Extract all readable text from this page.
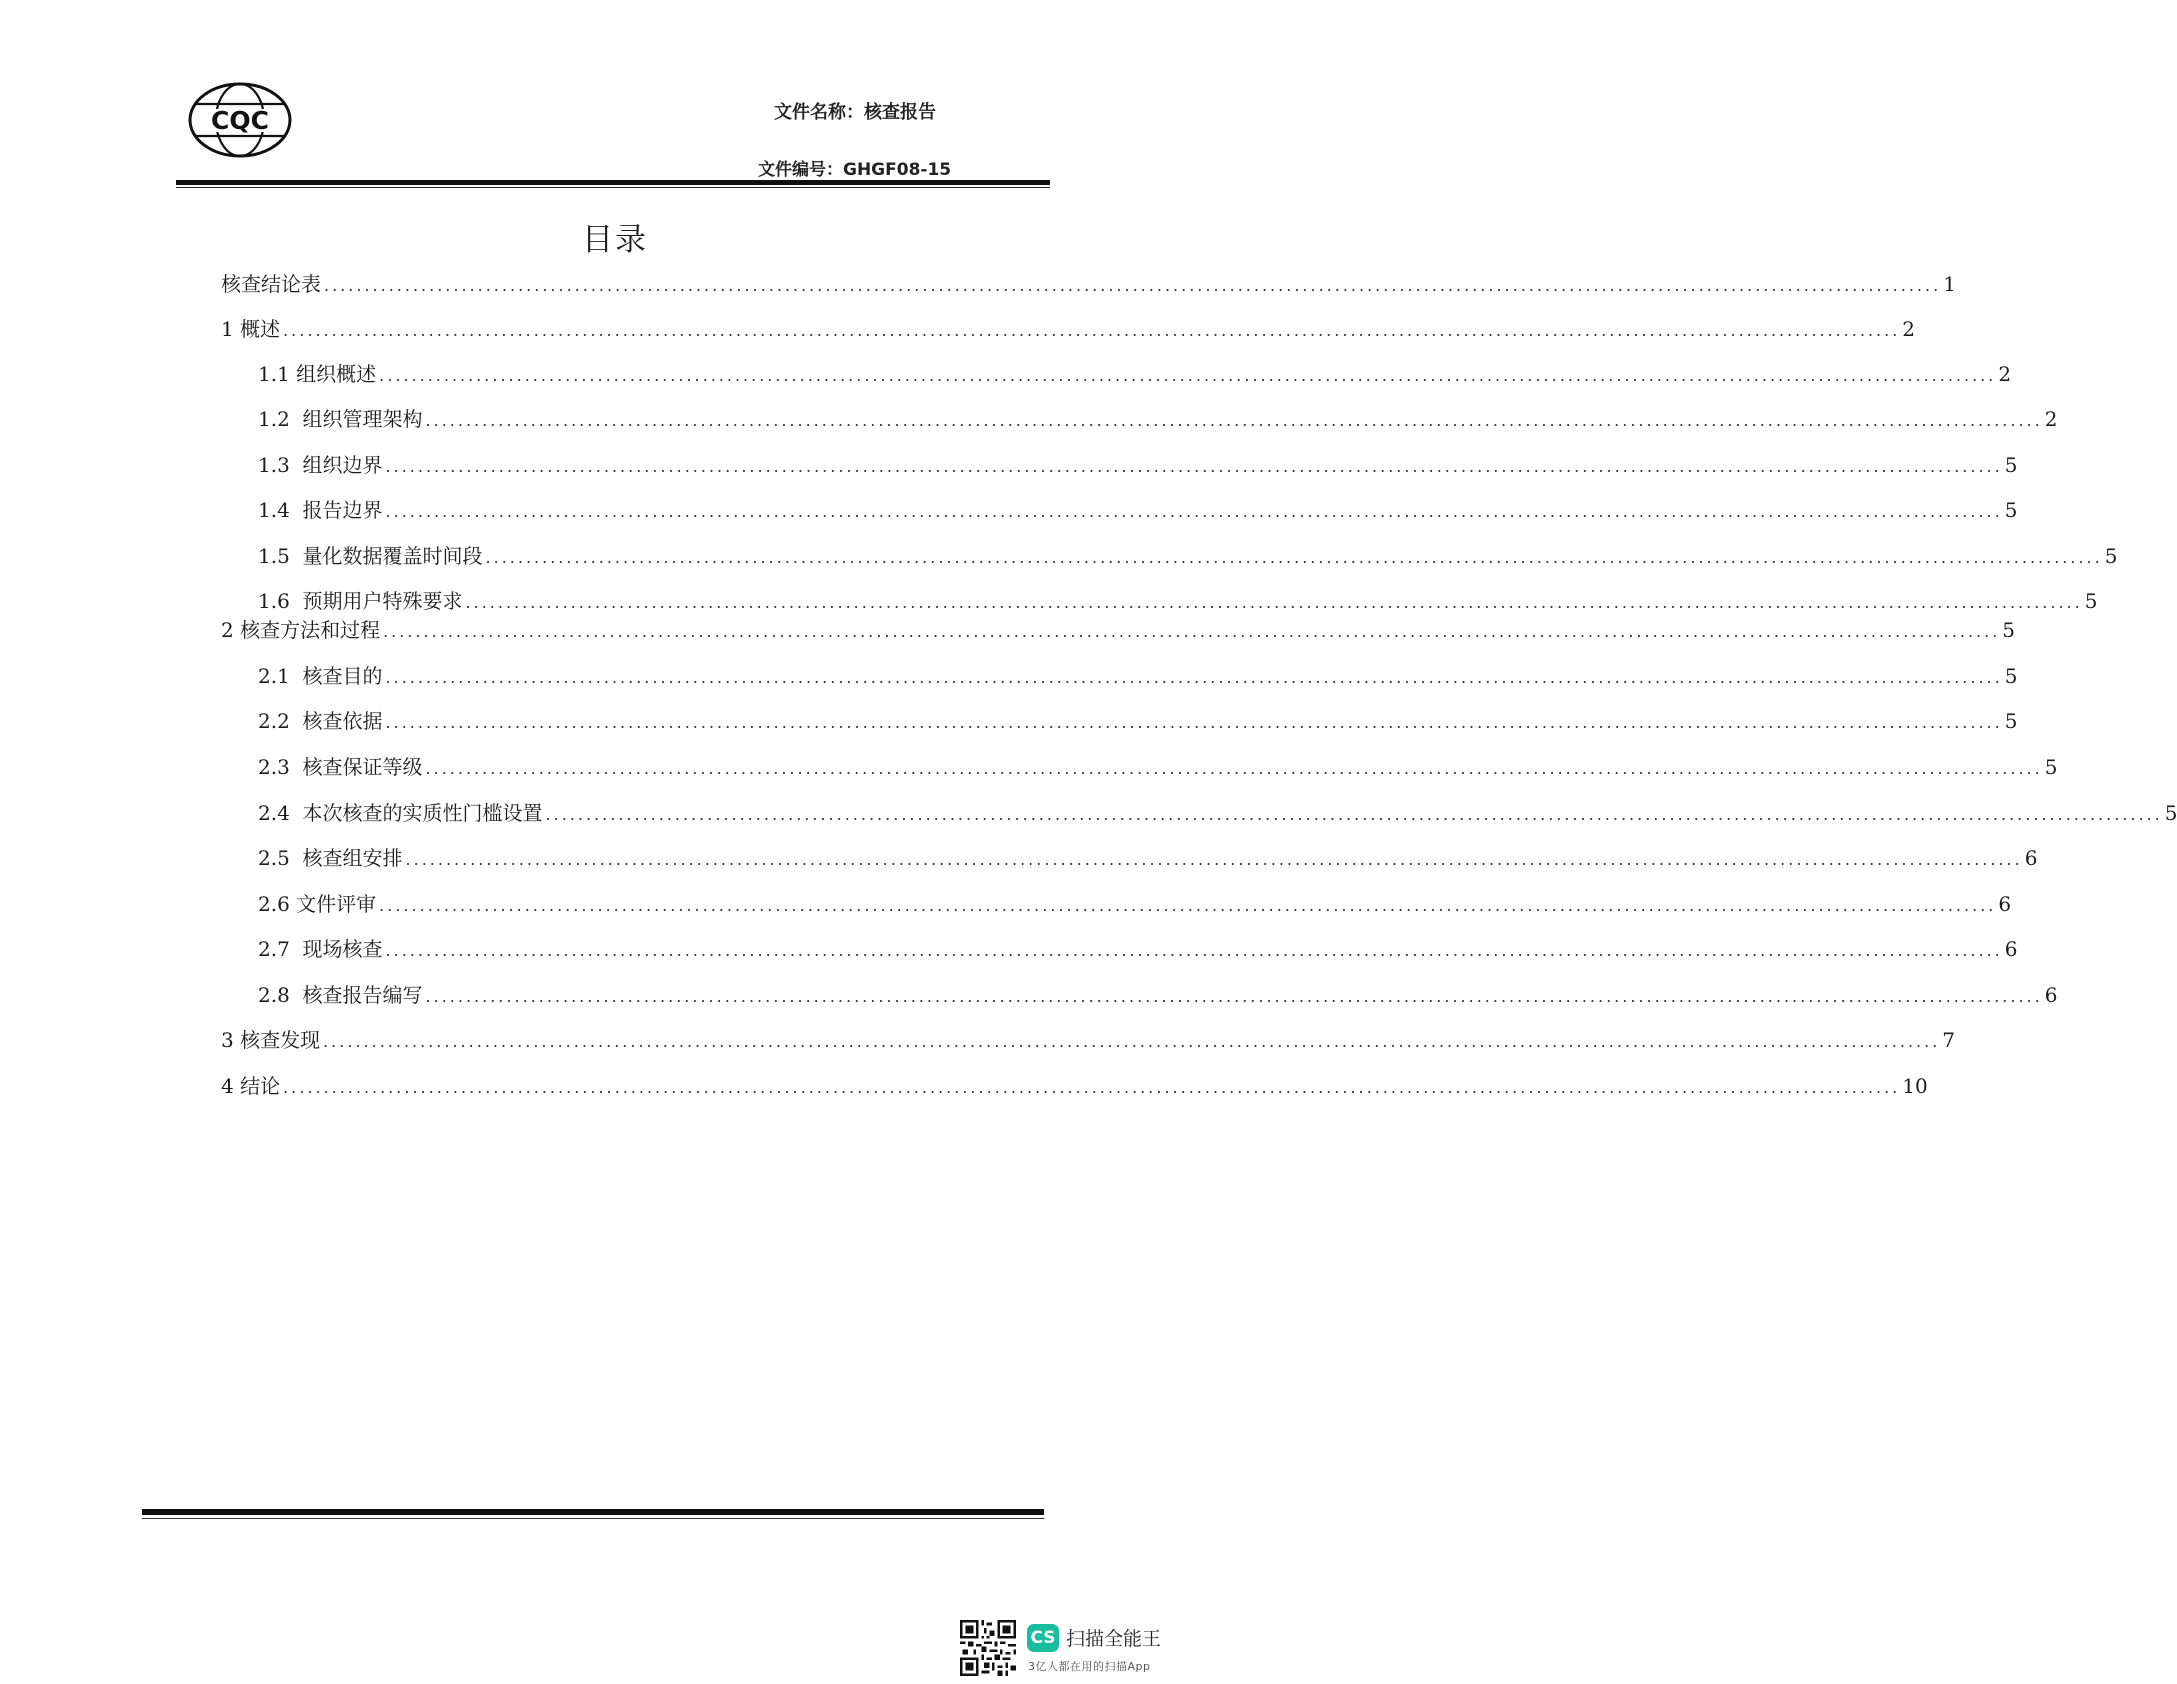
CQC	文件名称：核查报告
文件编号：GHGF08-15
目录
核查结论表 ........................................................................................................................................................................................................ 1
1 概述 ........................................................................................................................................................................................................ 2
1.1 组织概述 ........................................................................................................................................................................................................ 2
1.2  组织管理架构 ........................................................................................................................................................................................................ 2
1.3  组织边界 ........................................................................................................................................................................................................ 5
1.4  报告边界 ........................................................................................................................................................................................................ 5
1.5  量化数据覆盖时间段 ........................................................................................................................................................................................................ 5
1.6  预期用户特殊要求 ........................................................................................................................................................................................................ 5
2 核查方法和过程 ........................................................................................................................................................................................................ 5
2.1  核查目的 ........................................................................................................................................................................................................ 5
2.2  核查依据 ........................................................................................................................................................................................................ 5
2.3  核查保证等级 ........................................................................................................................................................................................................ 5
2.4  本次核查的实质性门槛设置 ........................................................................................................................................................................................................ 5
2.5  核查组安排 ........................................................................................................................................................................................................ 6
2.6 文件评审 ........................................................................................................................................................................................................ 6
2.7  现场核查 ........................................................................................................................................................................................................ 6
2.8  核查报告编写 ........................................................................................................................................................................................................ 6
3 核查发现 ........................................................................................................................................................................................................ 7
4 结论 ........................................................................................................................................................................................................ 10
CS 扫描全能王
3亿人都在用的扫描App
